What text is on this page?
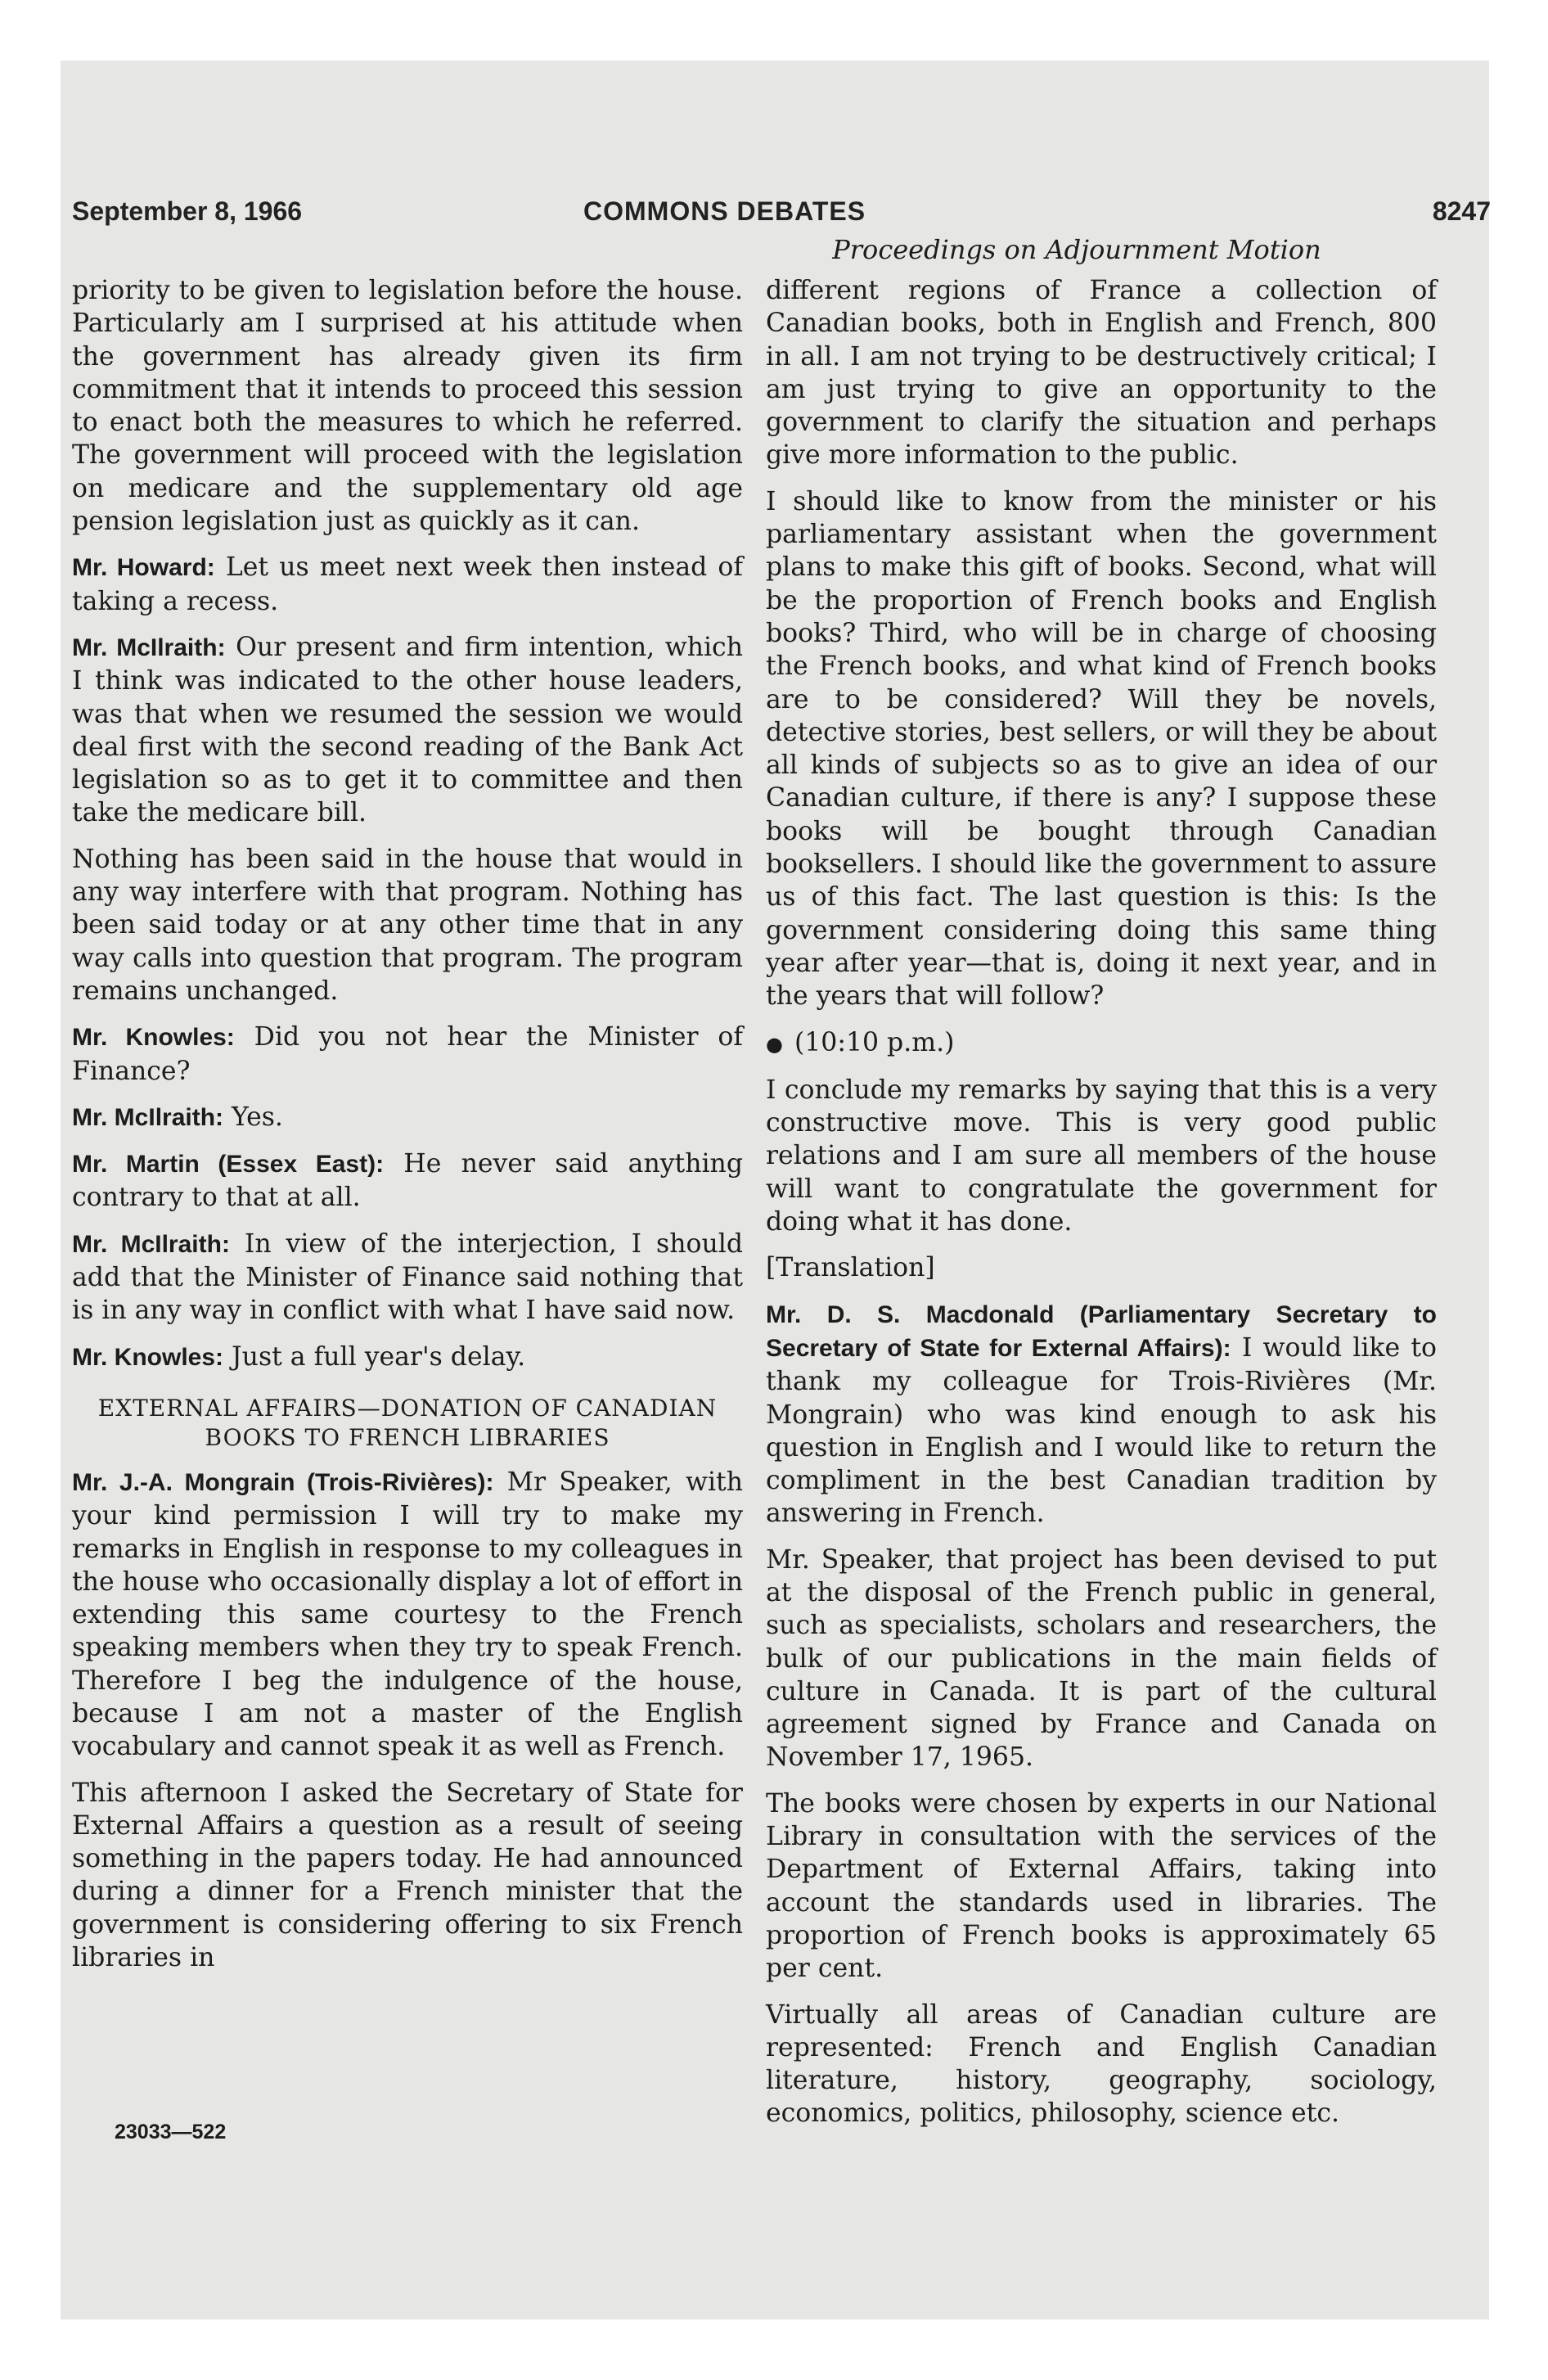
September 8, 1966	COMMONS DEBATES	8247
Proceedings on Adjournment Motion

priority to be given to legislation before the house. Particularly am I surprised at his attitude when the government has already given its firm commitment that it intends to proceed this session to enact both the measures to which he referred. The government will proceed with the legislation on medicare and the supplementary old age pension legislation just as quickly as it can.

Mr. Howard: Let us meet next week then instead of taking a recess.

Mr. McIlraith: Our present and firm intention, which I think was indicated to the other house leaders, was that when we resumed the session we would deal first with the second reading of the Bank Act legislation so as to get it to committee and then take the medicare bill.

Nothing has been said in the house that would in any way interfere with that program. Nothing has been said today or at any other time that in any way calls into question that program. The program remains unchanged.

Mr. Knowles: Did you not hear the Minister of Finance?

Mr. McIlraith: Yes.

Mr. Martin (Essex East): He never said anything contrary to that at all.

Mr. McIlraith: In view of the interjection, I should add that the Minister of Finance said nothing that is in any way in conflict with what I have said now.

Mr. Knowles: Just a full year's delay.

EXTERNAL AFFAIRS—DONATION OF CANADIAN BOOKS TO FRENCH LIBRARIES

Mr. J.-A. Mongrain (Trois-Rivières): Mr Speaker, with your kind permission I will try to make my remarks in English in response to my colleagues in the house who occasionally display a lot of effort in extending this same courtesy to the French speaking members when they try to speak French. Therefore I beg the indulgence of the house, because I am not a master of the English vocabulary and cannot speak it as well as French.

This afternoon I asked the Secretary of State for External Affairs a question as a result of seeing something in the papers today. He had announced during a dinner for a French minister that the government is considering offering to six French libraries in

23033—522

different regions of France a collection of Canadian books, both in English and French, 800 in all. I am not trying to be destructively critical; I am just trying to give an opportunity to the government to clarify the situation and perhaps give more information to the public.

I should like to know from the minister or his parliamentary assistant when the government plans to make this gift of books. Second, what will be the proportion of French books and English books? Third, who will be in charge of choosing the French books, and what kind of French books are to be considered? Will they be novels, detective stories, best sellers, or will they be about all kinds of subjects so as to give an idea of our Canadian culture, if there is any? I suppose these books will be bought through Canadian booksellers. I should like the government to assure us of this fact. The last question is this: Is the government considering doing this same thing year after year—that is, doing it next year, and in the years that will follow?

● (10:10 p.m.)

I conclude my remarks by saying that this is a very constructive move. This is very good public relations and I am sure all members of the house will want to congratulate the government for doing what it has done.

[Translation]

Mr. D. S. Macdonald (Parliamentary Secretary to Secretary of State for External Affairs): I would like to thank my colleague for Trois-Rivières (Mr. Mongrain) who was kind enough to ask his question in English and I would like to return the compliment in the best Canadian tradition by answering in French.

Mr. Speaker, that project has been devised to put at the disposal of the French public in general, such as specialists, scholars and researchers, the bulk of our publications in the main fields of culture in Canada. It is part of the cultural agreement signed by France and Canada on November 17, 1965.

The books were chosen by experts in our National Library in consultation with the services of the Department of External Affairs, taking into account the standards used in libraries. The proportion of French books is approximately 65 per cent.

Virtually all areas of Canadian culture are represented: French and English Canadian literature, history, geography, sociology, economics, politics, philosophy, science etc.
